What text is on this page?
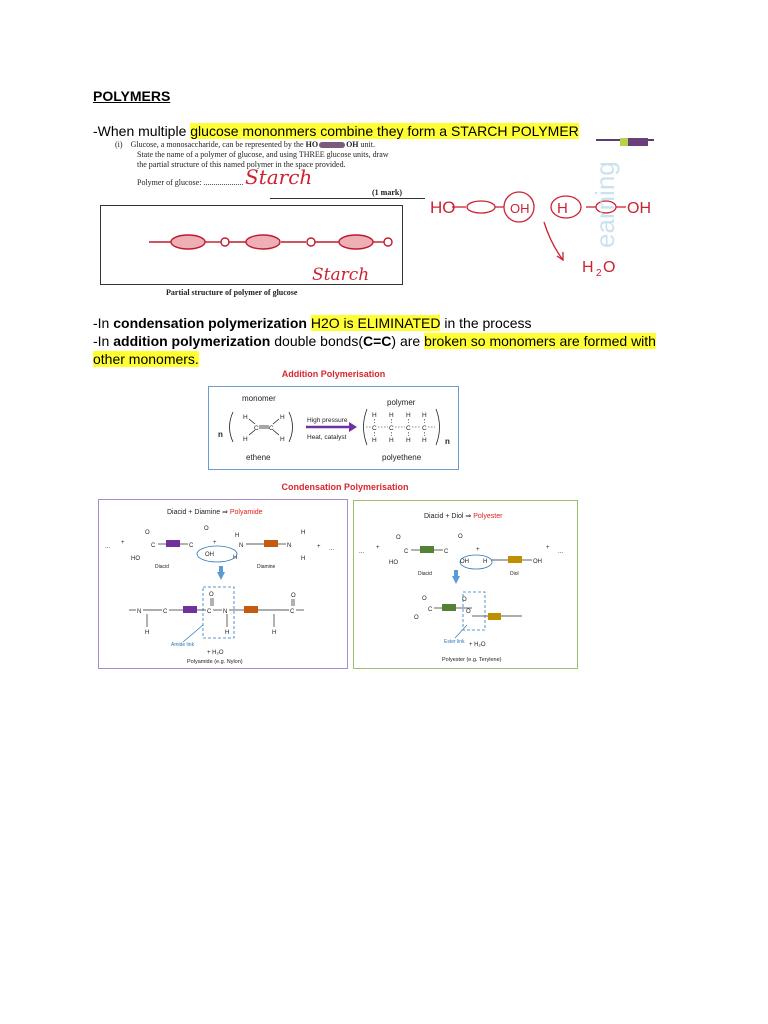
POLYMERS
-When multiple glucose mononmers combine they form a STARCH POLYMER
(i) Glucose, a monosaccharide, can be represented by the HO	OH unit.
State the name of a polymer of glucose, and using THREE glucose units, draw
the partial structure of this named polymer in the space provided.
Polymer of glucose: .................... Starch
(1 mark)
Starch
Partial structure of polymer of glucose
HO	OH H	OH
H 2 O
earning
-In condensation polymerization H2O is ELIMINATED in the process
-In addition polymerization double bonds(C=C) are broken so monomers are formed with
other monomers.
Addition Polymerisation
monomer	polymer
ethene	polyethene
n
n
High pressure
Heat, catalyst
H
H
H
H
C C
H H H H
C C C C
H H H H
Condensation Polymerisation
Diacid + Diamine ⇒ Polyamide
...
+
O
C
HO
O
C
OH
+
H
H
N	N
H
H
+ ...
Diacid	Diamine
O	O
N	C	C N	C
H	H	H
Amide link
+ H₂O
Polyamide (e.g. Nylon)
Diacid + Diol ⇒ Polyester
...
+
O
C
HO
O
C
OH
+
H	OH
+
...
Diacid	Diol
O
C
O
O
O
Ester link + H₂O
Polyester (e.g. Terylene)
